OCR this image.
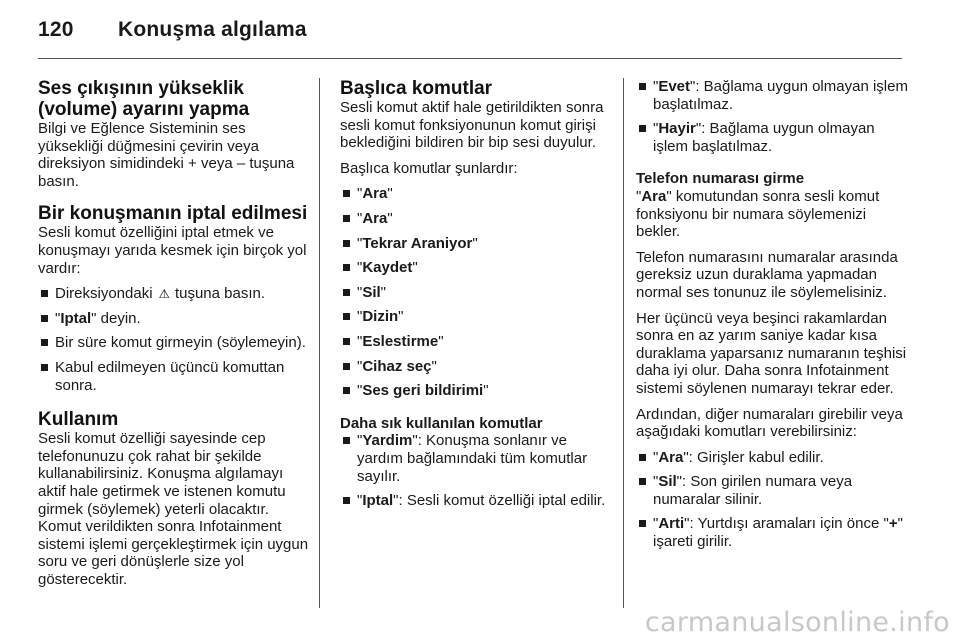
120 Konuşma algılama
Ses çıkışının yükseklik (volume) ayarını yapma

Bilgi ve Eğlence Sisteminin ses yüksekliği düğmesini çevirin veya direksiyon simidindeki + veya – tuşuna basın.

Bir konuşmanın iptal edilmesi

Sesli komut özelliğini iptal etmek ve konuşmayı yarıda kesmek için birçok yol vardır:

Direksiyondaki ⩤ tuşuna basın.
"Iptal" deyin.
Bir süre komut girmeyin (söylemeyin).
Kabul edilmeyen üçüncü komuttan sonra.
Kullanım

Sesli komut özelliği sayesinde cep telefonunuzu çok rahat bir şekilde kullanabilirsiniz. Konuşma algılamayı aktif hale getirmek ve istenen komutu girmek (söylemek) yeterli olacaktır. Komut verildikten sonra Infotainment sistemi işlemi gerçekleştirmek için uygun soru ve geri dönüşlerle size yol gösterecektir.

Başlıca komutlar

Sesli komut aktif hale getirildikten sonra sesli komut fonksiyonunun komut girişi beklediğini bildiren bir bip sesi duyulur.

Başlıca komutlar şunlardır:

"Ara"
"Ara"
"Tekrar Araniyor"
"Kaydet"
"Sil"
"Dizin"
"Eslestirme"
"Cihaz seç"
"Ses geri bildirimi"
Daha sık kullanılan komutlar
"Yardim": Konuşma sonlanır ve yardım bağlamındaki tüm komutlar sayılır.
"Iptal": Sesli komut özelliği iptal edilir.
"Evet": Bağlama uygun olmayan işlem başlatılmaz.
"Hayir": Bağlama uygun olmayan işlem başlatılmaz.
Telefon numarası girme

"Ara" komutundan sonra sesli komut fonksiyonu bir numara söylemenizi bekler.

Telefon numarasını numaralar arasında gereksiz uzun duraklama yapmadan normal ses tonunuz ile söylemelisiniz.

Her üçüncü veya beşinci rakamlardan sonra en az yarım saniye kadar kısa duraklama yaparsanız numaranın teşhisi daha iyi olur. Daha sonra Infotainment sistemi söylenen numarayı tekrar eder.

Ardından, diğer numaraları girebilir veya aşağıdaki komutları verebilirsiniz:

"Ara": Girişler kabul edilir.
"Sil": Son girilen numara veya numaralar silinir.
"Arti": Yurtdışı aramaları için önce "+" işareti girilir.
carmanualsonline.info
